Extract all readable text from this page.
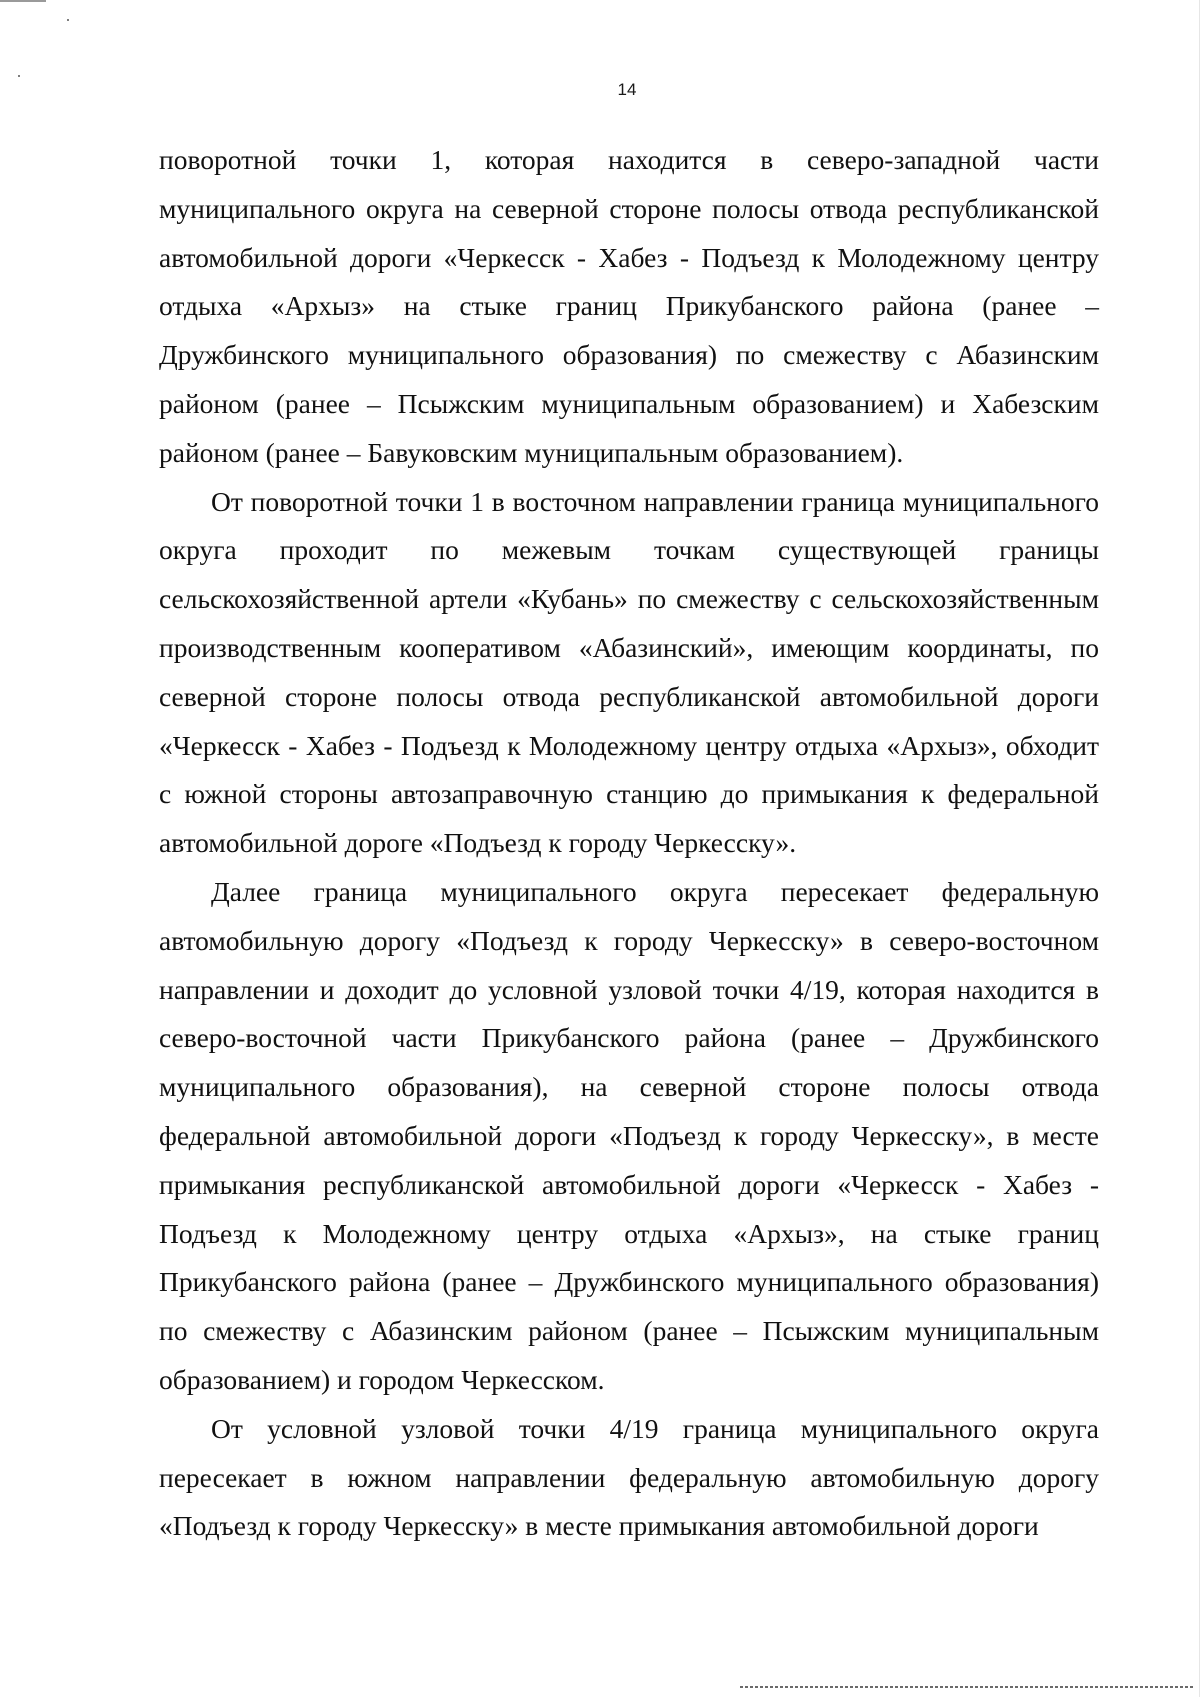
14

поворотной точки 1, которая находится в северо-западной части муниципального округа на северной стороне полосы отвода республиканской автомобильной дороги «Черкесск - Хабез - Подъезд к Молодежному центру отдыха «Архыз» на стыке границ Прикубанского района (ранее – Дружбинского муниципального образования) по смежеству с Абазинским районом (ранее – Псыжским муниципальным образованием) и Хабезским районом (ранее – Бавуковским муниципальным образованием).

От поворотной точки 1 в восточном направлении граница муниципального округа проходит по межевым точкам существующей границы сельскохозяйственной артели «Кубань» по смежеству с сельскохозяйственным производственным кооперативом «Абазинский», имеющим координаты, по северной стороне полосы отвода республиканской автомобильной дороги «Черкесск - Хабез - Подъезд к Молодежному центру отдыха «Архыз», обходит с южной стороны автозаправочную станцию до примыкания к федеральной автомобильной дороге «Подъезд к городу Черкесску».

Далее граница муниципального округа пересекает федеральную автомобильную дорогу «Подъезд к городу Черкесску» в северо-восточном направлении и доходит до условной узловой точки 4/19, которая находится в северо-восточной части Прикубанского района (ранее – Дружбинского муниципального образования), на северной стороне полосы отвода федеральной автомобильной дороги «Подъезд к городу Черкесску», в месте примыкания республиканской автомобильной дороги «Черкесск - Хабез - Подъезд к Молодежному центру отдыха «Архыз», на стыке границ Прикубанского района (ранее – Дружбинского муниципального образования) по смежеству с Абазинским районом (ранее – Псыжским муниципальным образованием) и городом Черкесском.

От условной узловой точки 4/19 граница муниципального округа пересекает в южном направлении федеральную автомобильную дорогу «Подъезд к городу Черкесску» в месте примыкания автомобильной дороги
